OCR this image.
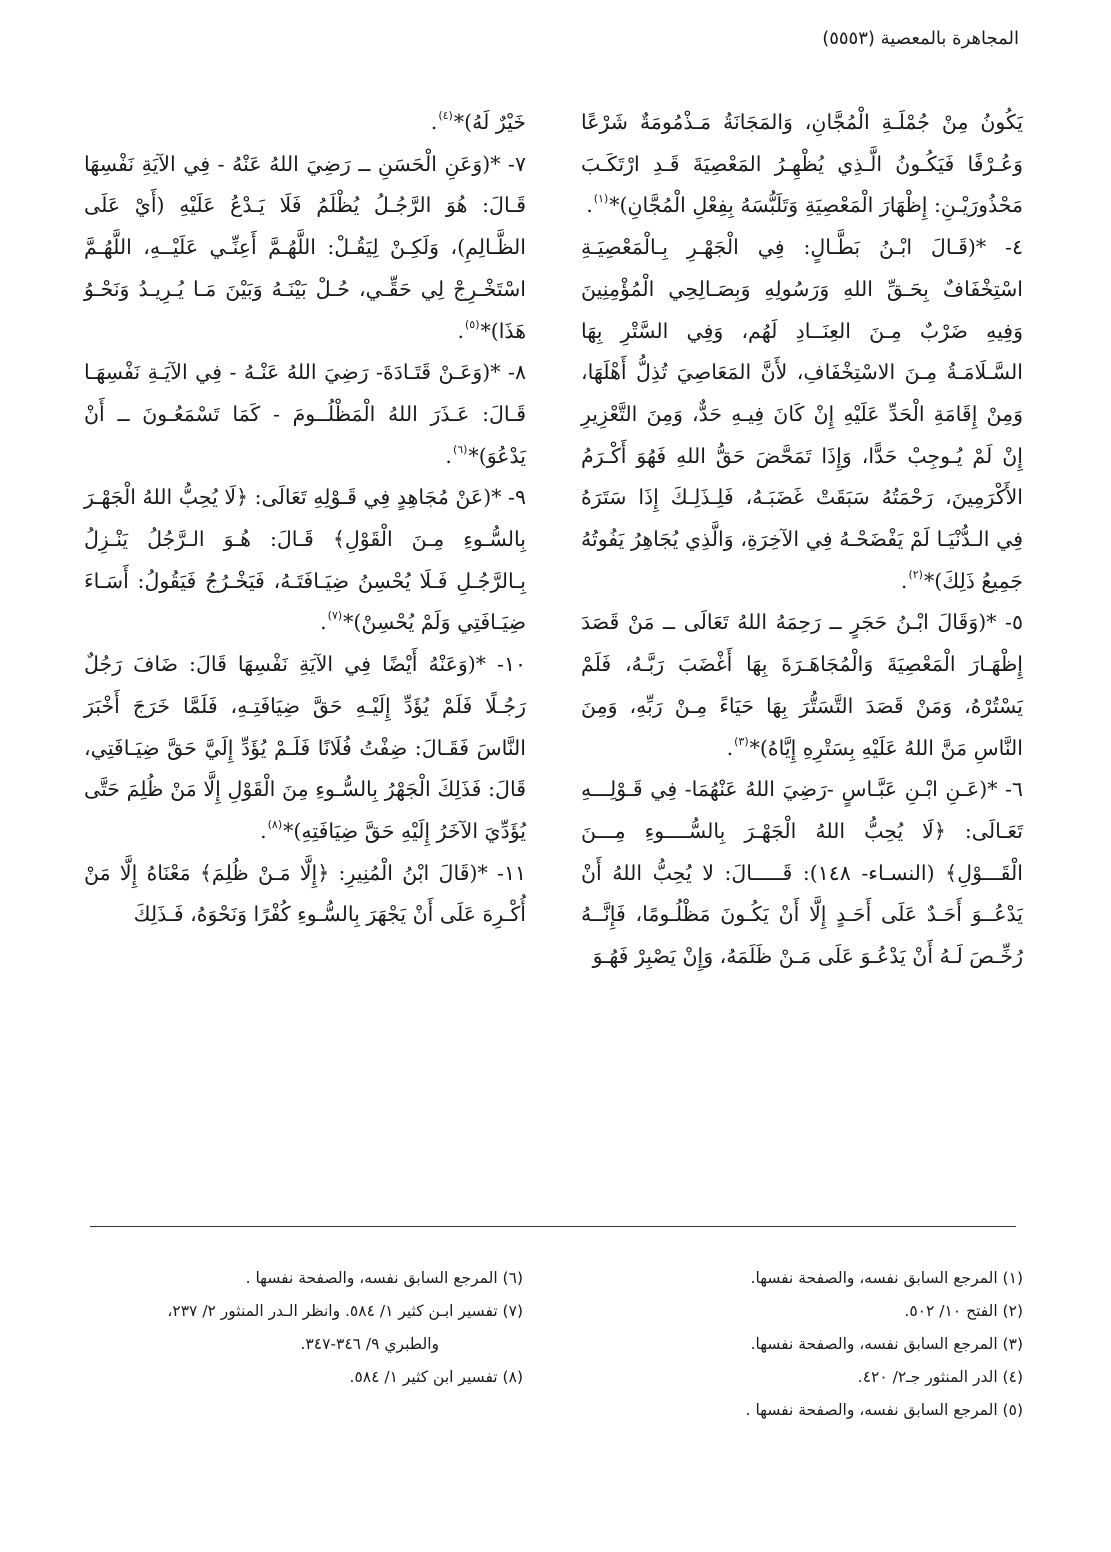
المجاهرة بالمعصية (٥٥٥٣)

يَكُونُ مِنْ جُمْلَـةِ الْمُجَّانِ، وَالمَجَانَةُ مَـذْمُومَةٌ شَرْعًا وَعُـرْفًا فَيَكُـونُ الَّـذِي يُظْهِـرُ المَعْصِيَةَ قَـدِ ارْتَكَـبَ مَحْذُورَيْـنِ: إِظْهَارَ الْمَعْصِيَةِ وَتَلَبُّسَهُ بِفِعْلِ الْمُجَّانِ)*$^{(١)}$.

٤- *(قَـالَ ابْـنُ بَطَّـالٍ: فِي الْجَهْـرِ بِـالْمَعْصِيَـةِ اسْتِخْفَافٌ بِحَـقِّ اللهِ وَرَسُولِهِ وَبِصَـالِحِي الْمُؤْمِنِينَ وَفِيهِ ضَرْبٌ مِـنَ العِنَــادِ لَهُم، وَفِي السَّتْرِ بِهَا السَّـلَامَـةُ مِـنَ الاسْتِخْفَافِ، لأَنَّ المَعَاصِيَ تُذِلُّ أَهْلَهَا، وَمِنْ إِقَامَةِ الْحَدِّ عَلَيْهِ إِنْ كَانَ فِيـهِ حَدٌّ، وَمِنَ التَّعْزِيرِ إِنْ لَمْ يُـوجِبْ حَدًّا، وَإِذَا تَمَحَّضَ حَقُّ اللهِ فَهُوَ أَكْـرَمُ الأَكْرَمِينَ، رَحْمَتُهُ سَبَقَتْ غَضَبَـهُ، فَلِـذَلِـكَ إِذَا سَتَرَهُ فِي الـدُّنْيَـا لَمْ يَفْضَحْـهُ فِي الآخِرَةِ، وَالَّذِي يُجَاهِرُ يَفُوتُهُ جَمِيعُ ذَلِكَ)*$^{(٢)}$.

٥- *(وَقَالَ ابْـنُ حَجَرٍ ــ رَحِمَهُ اللهُ تَعَالَى ــ مَنْ قَصَدَ إِظْهَـارَ الْمَعْصِيَةَ وَالْمُجَاهَـرَةَ بِهَا أَغْضَبَ رَبَّـهُ، فَلَمْ يَسْتُرْهُ، وَمَنْ قَصَدَ التَّسَتُّرَ بِهَا حَيَاءً مِـنْ رَبِّهِ، وَمِنَ النَّاسِ مَنَّ اللهُ عَلَيْهِ بِسَتْرِهِ إِيَّاهُ)*$^{(٣)}$.

٦- *(عَـنِ ابْـنِ عَبَّـاسٍ -رَضِيَ اللهُ عَنْهُمَا- فِي قَـوْلِـــهِ تَعَـالَى: ﴿لَا يُحِبُّ اللهُ الْجَهْـرَ بِالسُّــــوءِ مِـــنَ الْقَـــوْلِ﴾ (النسـاء- ١٤٨): قَـــــالَ: لا يُحِبُّ اللهُ أَنْ يَدْعُــوَ أَحَـدٌ عَلَى أَحَـدٍ إِلَّا أَنْ يَكُـونَ مَظْلُـومًا، فَإِنَّــهُ رُخِّـصَ لَـهُ أَنْ يَدْعُـوَ عَلَى مَـنْ ظَلَمَهُ، وَإِنْ يَصْبِرْ فَهُـوَ

خَيْرٌ لَهُ)*$^{(٤)}$.

٧- *(وَعَنِ الْحَسَنِ ــ رَضِيَ اللهُ عَنْهُ - فِي الآيَةِ نَفْسِهَا قَـالَ: هُوَ الرَّجُـلُ يُظْلَمُ فَلَا يَـدْعُ عَلَيْهِ (أَيْ عَلَى الظَّـالِمِ)، وَلَكِـنْ لِيَقُـلْ: اللَّهُـمَّ أَعِنِّـي عَلَيْــهِ، اللَّهُـمَّ اسْتَخْـرِجْ لِي حَقِّـي، حُـلْ بَيْنَـهُ وَبَيْنَ مَـا يُـرِيـدُ وَنَحْـوُ هَذَا)*$^{(٥)}$.

٨- *(وَعَـنْ قَتَـادَةَ- رَضِيَ اللهُ عَنْـهُ - فِي الآيَـةِ نَفْسِهَـا قَـالَ: عَـذَرَ اللهُ الْمَظْلُــومَ - كَمَا تَسْمَعُـونَ ــ أَنْ يَدْعُوَ)*$^{(٦)}$.

٩- *(عَنْ مُجَاهِدٍ فِي قَـوْلِهِ تَعَالَى: ﴿لَا يُحِبُّ اللهُ الْجَهْـرَ بِالسُّـوءِ مِـنَ الْقَوْلِ﴾ قَـالَ: هُـوَ الـرَّجُلُ يَنْـزِلُ بِـالرَّجُـلِ فَـلَا يُحْسِنُ ضِيَـافَتَـهُ، فَيَخْـرُجُ فَيَقُولُ: أَسَـاءَ ضِيَـافَتِي وَلَمْ يُحْسِنْ)*$^{(٧)}$.

١٠- *(وَعَنْهُ أَيْضًا فِي الآيَةِ نَفْسِهَا قَالَ: ضَافَ رَجُلٌ رَجُـلًا فَلَمْ يُؤَدِّ إِلَيْـهِ حَقَّ ضِيَافَتِـهِ، فَلَمَّا خَرَجَ أَخْبَرَ النَّاسَ فَقَـالَ: ضِفْتُ فُلَانًا فَلَـمْ يُؤَدِّ إِلَيَّ حَقَّ ضِيَـافَتِي، قَالَ: فَذَلِكَ الْجَهْرُ بِالسُّـوءِ مِنَ الْقَوْلِ إِلَّا مَنْ ظُلِمَ حَتَّى يُؤَدِّيَ الآخَرُ إِلَيْهِ حَقَّ ضِيَافَتِهِ)*$^{(٨)}$.

١١- *(قَالَ ابْنُ الْمُنِيرِ: ﴿إِلَّا مَـنْ ظُلِمَ﴾ مَعْنَاهُ إِلَّا مَنْ أُكْـرِهَ عَلَى أَنْ يَجْهَرَ بِالسُّـوءِ كُفْرًا وَنَحْوَهُ، فَـذَلِكَ

(١) المرجع السابق نفسه، والصفحة نفسها.

(٢) الفتح ١٠/ ٥٠٢.

(٣) المرجع السابق نفسه، والصفحة نفسها.

(٤) الدر المنثور جـ٢/ ٤٢٠.

(٥) المرجع السابق نفسه، والصفحة نفسها .

(٦) المرجع السابق نفسه، والصفحة نفسها .

(٧) تفسير ابـن كثير ١/ ٥٨٤. وانظر الـدر المنثور ٢/ ٢٣٧،

والطبري ٩/ ٣٤٦-٣٤٧.

(٨) تفسير ابن كثير ١/ ٥٨٤.
